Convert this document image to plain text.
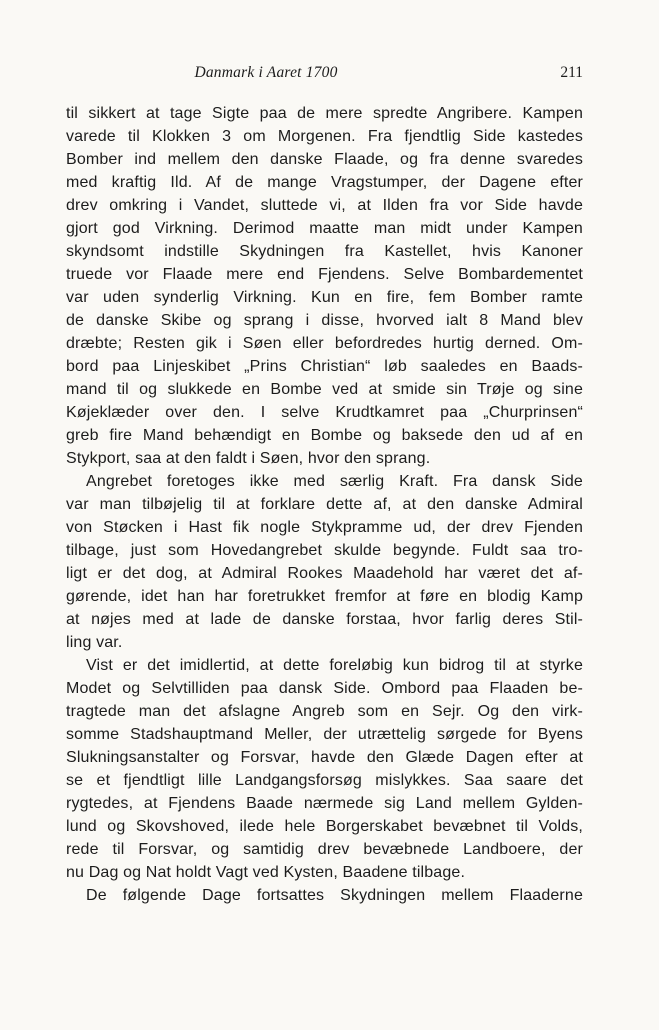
Danmark i Aaret 1700	211
til sikkert at tage Sigte paa de mere spredte Angribere. Kampen
varede til Klokken 3 om Morgenen. Fra fjendtlig Side kastedes
Bomber ind mellem den danske Flaade, og fra denne svaredes
med kraftig Ild. Af de mange Vragstumper, der Dagene efter
drev omkring i Vandet, sluttede vi, at Ilden fra vor Side havde
gjort god Virkning. Derimod maatte man midt under Kampen
skyndsomt indstille Skydningen fra Kastellet, hvis Kanoner
truede vor Flaade mere end Fjendens. Selve Bombardementet
var uden synderlig Virkning. Kun en fire, fem Bomber ramte
de danske Skibe og sprang i disse, hvorved ialt 8 Mand blev
dræbte; Resten gik i Søen eller befordredes hurtig derned. Om-
bord paa Linjeskibet „Prins Christian“ løb saaledes en Baads-
mand til og slukkede en Bombe ved at smide sin Trøje og sine
Køjeklæder over den. I selve Krudtkamret paa „Churprinsen“
greb fire Mand behændigt en Bombe og baksede den ud af en
Stykport, saa at den faldt i Søen, hvor den sprang.
Angrebet foretoges ikke med særlig Kraft. Fra dansk Side
var man tilbøjelig til at forklare dette af, at den danske Admiral
von Støcken i Hast fik nogle Stykpramme ud, der drev Fjenden
tilbage, just som Hovedangrebet skulde begynde. Fuldt saa tro-
ligt er det dog, at Admiral Rookes Maadehold har været det af-
gørende, idet han har foretrukket fremfor at føre en blodig Kamp
at nøjes med at lade de danske forstaa, hvor farlig deres Stil-
ling var.
Vist er det imidlertid, at dette foreløbig kun bidrog til at styrke
Modet og Selvtilliden paa dansk Side. Ombord paa Flaaden be-
tragtede man det afslagne Angreb som en Sejr. Og den virk-
somme Stadshauptmand Meller, der utrættelig sørgede for Byens
Slukningsanstalter og Forsvar, havde den Glæde Dagen efter at
se et fjendtligt lille Landgangsforsøg mislykkes. Saa saare det
rygtedes, at Fjendens Baade nærmede sig Land mellem Gylden-
lund og Skovshoved, ilede hele Borgerskabet bevæbnet til Volds,
rede til Forsvar, og samtidig drev bevæbnede Landboere, der
nu Dag og Nat holdt Vagt ved Kysten, Baadene tilbage.
De følgende Dage fortsattes Skydningen mellem Flaaderne
